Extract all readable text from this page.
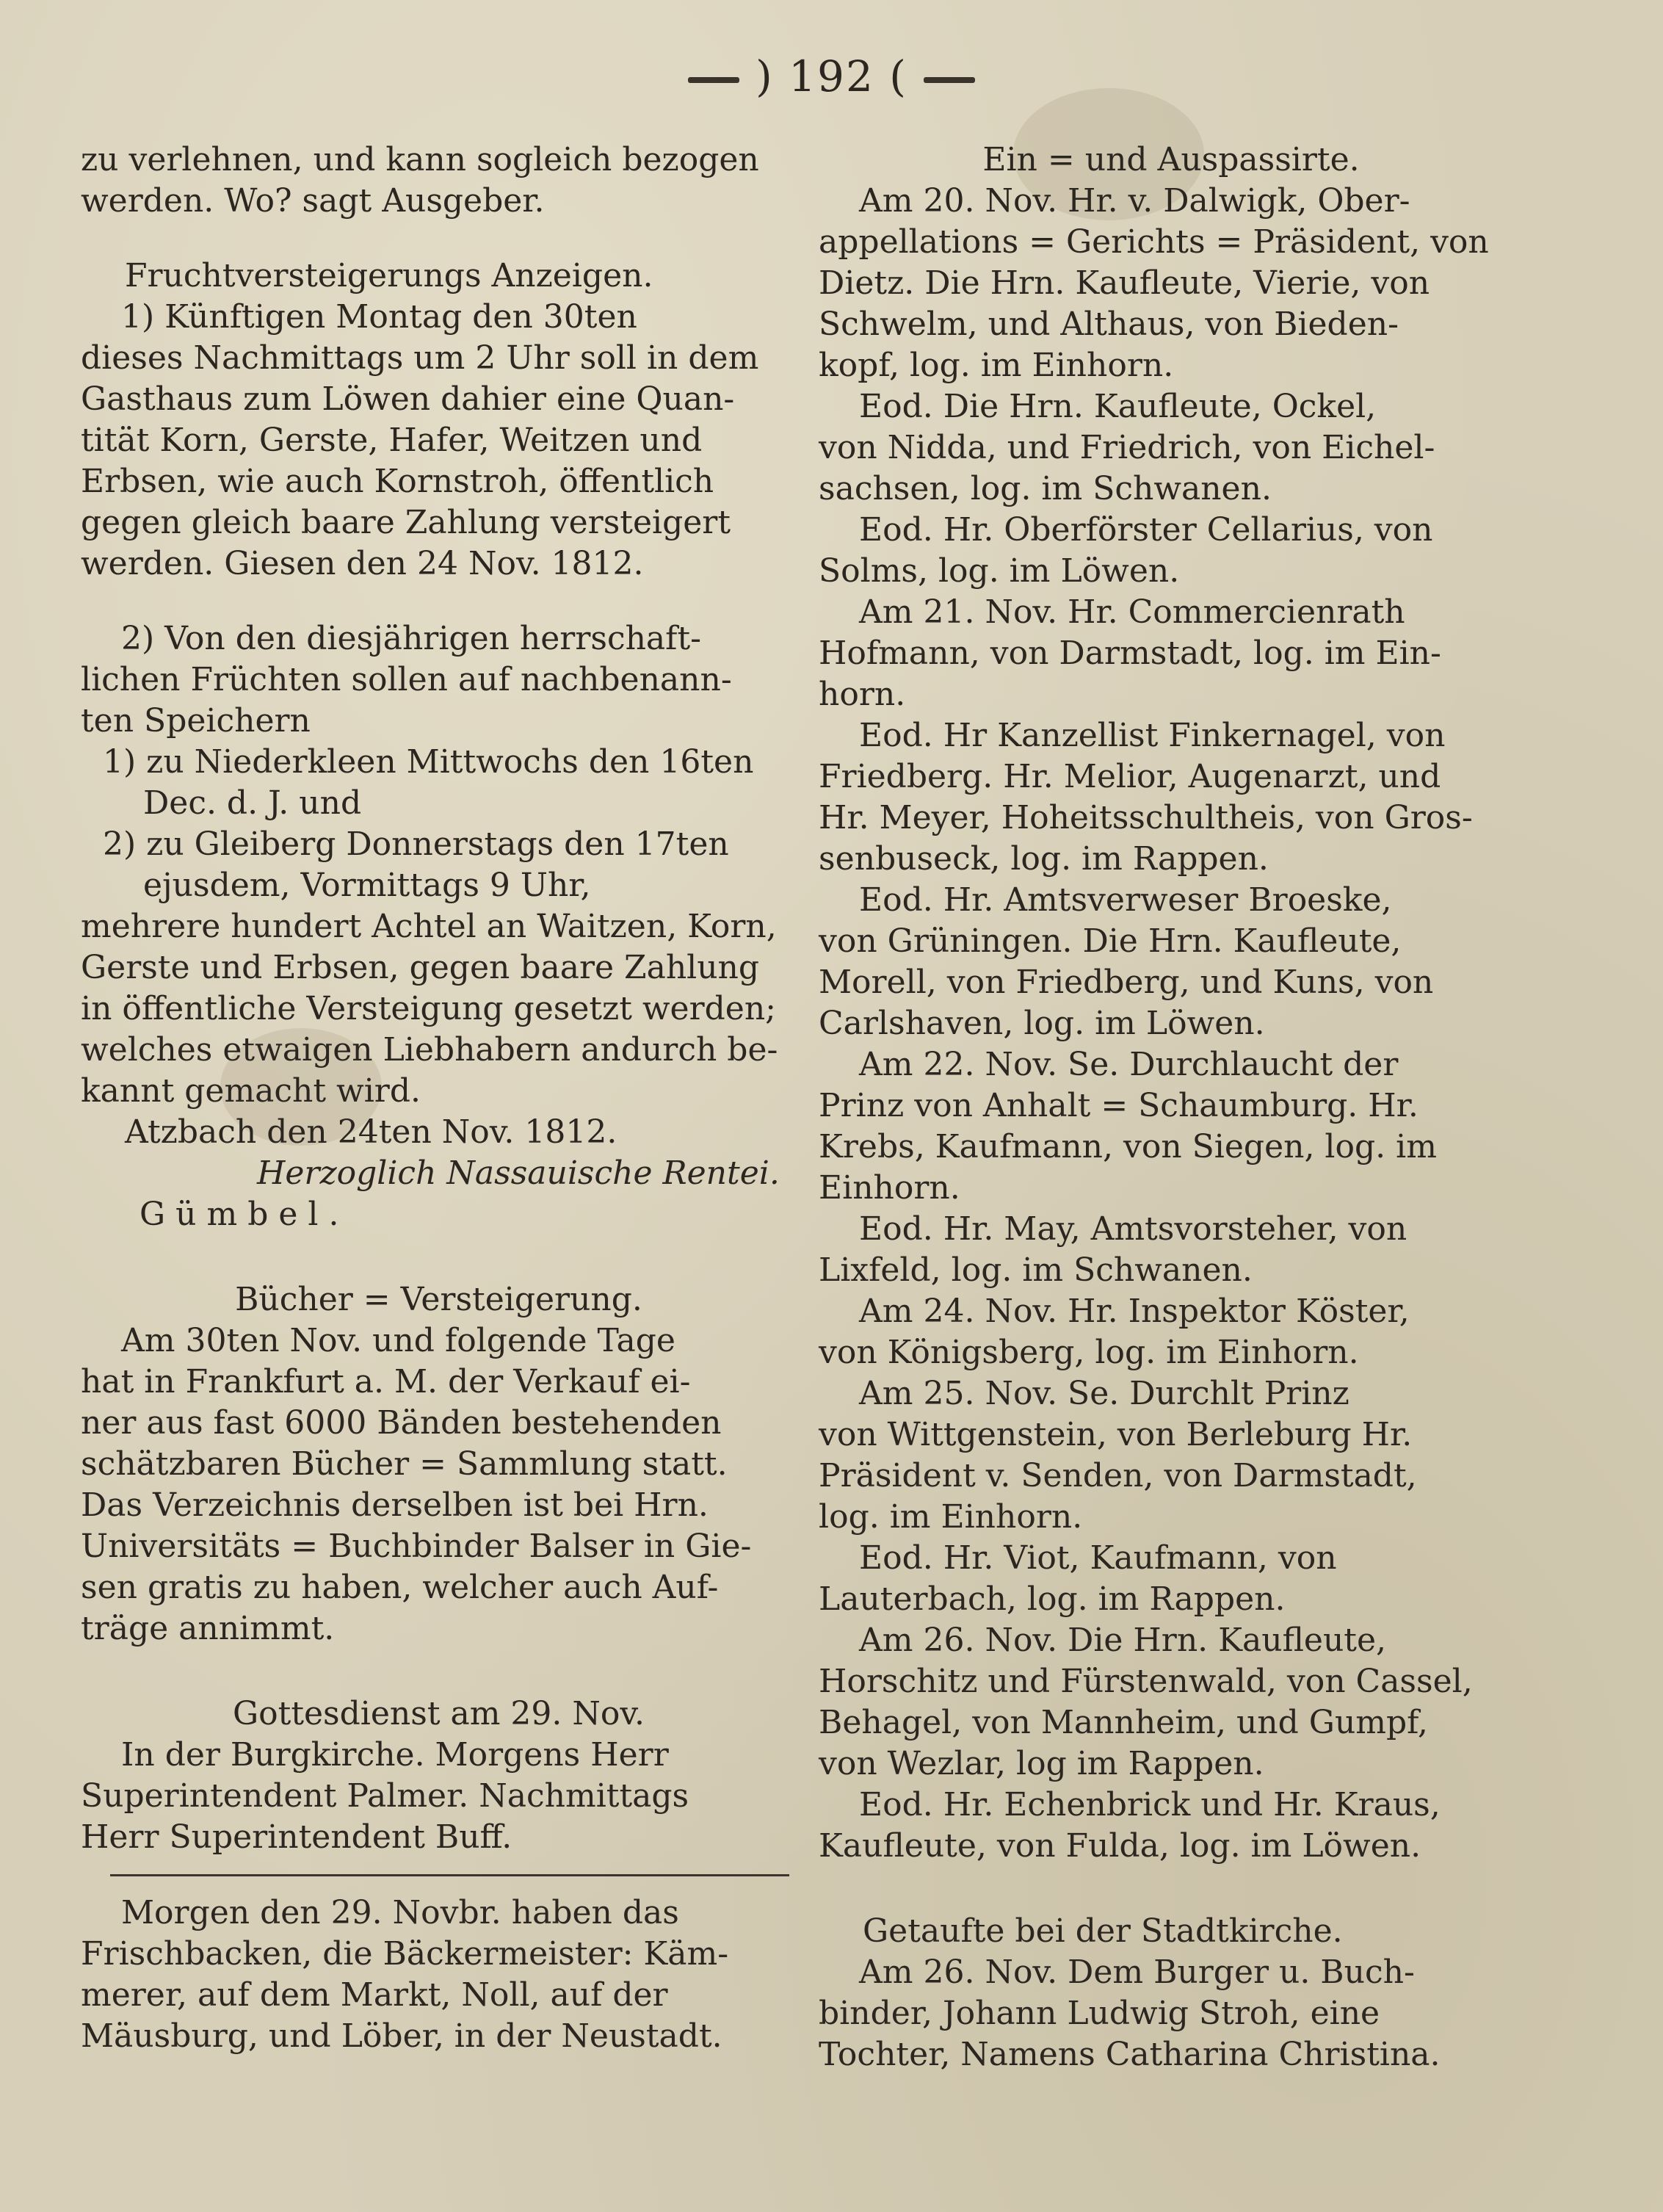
) 192 (

zu verlehnen, und kann sogleich bezogen

werden. Wo? sagt Ausgeber.

Fruchtversteigerungs Anzeigen.

1) Künftigen Montag den 30ten

dieses Nachmittags um 2 Uhr soll in dem

Gasthaus zum Löwen dahier eine Quan-

tität Korn, Gerste, Hafer, Weitzen und

Erbsen, wie auch Kornstroh, öffentlich

gegen gleich baare Zahlung versteigert

werden. Giesen den 24 Nov. 1812.

2) Von den diesjährigen herrschaft-

lichen Früchten sollen auf nachbenann-

ten Speichern

1) zu Niederkleen Mittwochs den 16ten

Dec. d. J. und

2) zu Gleiberg Donnerstags den 17ten

ejusdem, Vormittags 9 Uhr,

mehrere hundert Achtel an Waitzen, Korn,

Gerste und Erbsen, gegen baare Zahlung

in öffentliche Versteigung gesetzt werden;

welches etwaigen Liebhabern andurch be-

kannt gemacht wird.

Atzbach den 24ten Nov. 1812.

Herzoglich Nassauische Rentei.

Gümbel.

Bücher = Versteigerung.

Am 30ten Nov. und folgende Tage

hat in Frankfurt a. M. der Verkauf ei-

ner aus fast 6000 Bänden bestehenden

schätzbaren Bücher = Sammlung statt.

Das Verzeichnis derselben ist bei Hrn.

Universitäts = Buchbinder Balser in Gie-

sen gratis zu haben, welcher auch Auf-

träge annimmt.

Gottesdienst am 29. Nov.

In der Burgkirche. Morgens Herr

Superintendent Palmer. Nachmittags

Herr Superintendent Buff.

Morgen den 29. Novbr. haben das

Frischbacken, die Bäckermeister: Käm-

merer, auf dem Markt, Noll, auf der

Mäusburg, und Löber, in der Neustadt.

Ein = und Auspassirte.

Am 20. Nov. Hr. v. Dalwigk, Ober-

appellations = Gerichts = Präsident, von

Dietz. Die Hrn. Kaufleute, Vierie, von

Schwelm, und Althaus, von Bieden-

kopf, log. im Einhorn.

Eod. Die Hrn. Kaufleute, Ockel,

von Nidda, und Friedrich, von Eichel-

sachsen, log. im Schwanen.

Eod. Hr. Oberförster Cellarius, von

Solms, log. im Löwen.

Am 21. Nov. Hr. Commercienrath

Hofmann, von Darmstadt, log. im Ein-

horn.

Eod. Hr Kanzellist Finkernagel, von

Friedberg. Hr. Melior, Augenarzt, und

Hr. Meyer, Hoheitsschultheis, von Gros-

senbuseck, log. im Rappen.

Eod. Hr. Amtsverweser Broeske,

von Grüningen. Die Hrn. Kaufleute,

Morell, von Friedberg, und Kuns, von

Carlshaven, log. im Löwen.

Am 22. Nov. Se. Durchlaucht der

Prinz von Anhalt = Schaumburg. Hr.

Krebs, Kaufmann, von Siegen, log. im

Einhorn.

Eod. Hr. May, Amtsvorsteher, von

Lixfeld, log. im Schwanen.

Am 24. Nov. Hr. Inspektor Köster,

von Königsberg, log. im Einhorn.

Am 25. Nov. Se. Durchlt Prinz

von Wittgenstein, von Berleburg Hr.

Präsident v. Senden, von Darmstadt,

log. im Einhorn.

Eod. Hr. Viot, Kaufmann, von

Lauterbach, log. im Rappen.

Am 26. Nov. Die Hrn. Kaufleute,

Horschitz und Fürstenwald, von Cassel,

Behagel, von Mannheim, und Gumpf,

von Wezlar, log im Rappen.

Eod. Hr. Echenbrick und Hr. Kraus,

Kaufleute, von Fulda, log. im Löwen.

Getaufte bei der Stadtkirche.

Am 26. Nov. Dem Burger u. Buch-

binder, Johann Ludwig Stroh, eine

Tochter, Namens Catharina Christina.
